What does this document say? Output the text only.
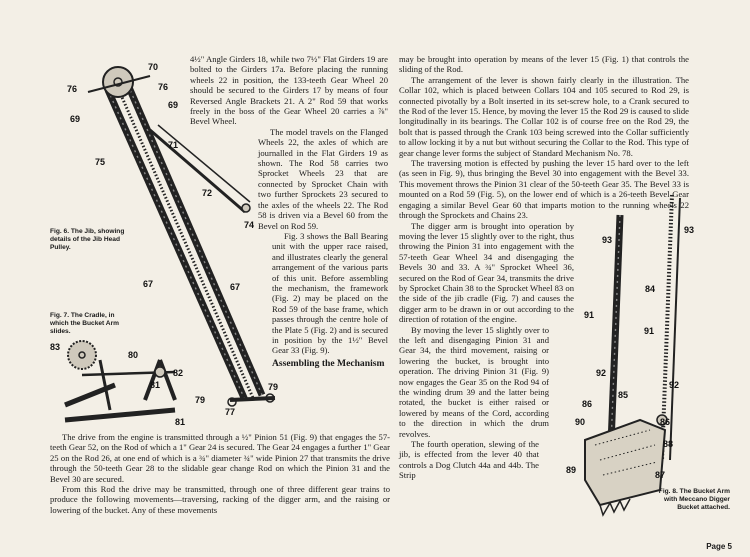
4½" Angle Girders 18, while two 7½" Flat Girders 19 are bolted to the Girders 17a. Before placing the running wheels 22 in position, the 133-teeth Gear Wheel 20 should be secured to the Girders 17 by means of four Reversed Angle Brackets 21. A 2" Rod 59 that works freely in the boss of the Gear Wheel 20 carries a ⅞" Bevel Wheel.

The model travels on the Flanged Wheels 22, the axles of which are journalled in the Flat Girders 19 as shown. The Rod 58 carries two Sprocket Wheels 23 that are connected by Sprocket Chain with two further Sprockets 23 secured to the axles of the wheels 22. The Rod 58 is driven via a Bevel 60 from the Bevel on Rod 59.

Fig. 3 shows the Ball Bearing unit with the upper race raised, and illustrates clearly the general arrangement of the various parts of this unit. Before assembling the mechanism, the framework (Fig. 2) may be placed on the Rod 59 of the base frame, which passes through the centre hole of the Plate 5 (Fig. 2) and is secured in position by the 1½" Bevel Gear 33 (Fig. 9).

Assembling the Mechanism

The drive from the engine is transmitted through a ½" Pinion 51 (Fig. 9) that engages the 57-teeth Gear 52, on the Rod of which a 1" Gear 24 is secured. The Gear 24 engages a further 1" Gear 25 on the Rod 26, at one end of which is a ¾" diameter ¾" wide Pinion 27 that transmits the drive through the 50-teeth Gear 28 to the slidable gear change Rod on which the Pinion 31 and the Bevel 30 are secured.

From this Rod the drive may be transmitted, through one of three different gear trains to produce the following movements—traversing, racking of the digger arm, and the raising or lowering of the bucket. Any of these movements

may be brought into operation by means of the lever 15 (Fig. 1) that controls the sliding of the Rod.

The arrangement of the lever is shown fairly clearly in the illustration. The Collar 102, which is placed between Collars 104 and 105 secured to Rod 29, is connected pivotally by a Bolt inserted in its set-screw hole, to a Crank secured to the Rod of the lever 15. Hence, by moving the lever 15 the Rod 29 is caused to slide longitudinally in its bearings. The Collar 102 is of course free on the Rod 29, the bolt that is passed through the Crank 103 being screwed into the Collar sufficiently to allow locking it by a nut but without securing the Collar to the Rod. This type of gear change lever forms the subject of Standard Mechanism No. 78.

The traversing motion is effected by pushing the lever 15 hard over to the left (as seen in Fig. 9), thus bringing the Bevel 30 into engagement with the Bevel 33. This movement throws the Pinion 31 clear of the 50-teeth Gear 35. The Bevel 33 is mounted on a Rod 59 (Fig. 5), on the lower end of which is a 26-teeth Bevel Gear engaging a similar Bevel Gear 60 that imparts motion to the running wheels 22 through the Sprockets and Chains 23.

The digger arm is brought into operation by moving the lever 15 slightly over to the right, thus throwing the Pinion 31 into engagement with the 57-teeth Gear Wheel 34 and disengaging the Bevels 30 and 33. A ¾" Sprocket Wheel 36, secured on the Rod of Gear 34, transmits the drive by Sprocket Chain 38 to the Sprocket Wheel 83 on the side of the jib cradle (Fig. 7) and causes the digger arm to be drawn in or out according to the direction of rotation of the engine.

By moving the lever 15 slightly over to the left and disengaging Pinion 31 and Gear 34, the third movement, raising or lowering the bucket, is brought into operation. The driving Pinion 31 (Fig. 9) now engages the Gear 35 on the Rod 94 of the winding drum 39 and the latter being rotated, the bucket is either raised or lowered by means of the Cord, according to the direction in which the drum revolves.

The fourth operation, slewing of the jib, is effected from the lever 40 that controls a Dog Clutch 44a and 44b. The Strip

Fig. 6. The Jib, showing details of the Jib Head Pulley.
Fig. 7. The Cradle, in which the Bucket Arm slides.
Fig. 8. The Bucket Arm with Meccano Digger Bucket attached.
70
76	76
69
69
75
71
72
74
67	67
79
79
77
83
80
82
81
81
93
93
84
91
91
92
92
85
86
86
90
88
89	87
Page 5
